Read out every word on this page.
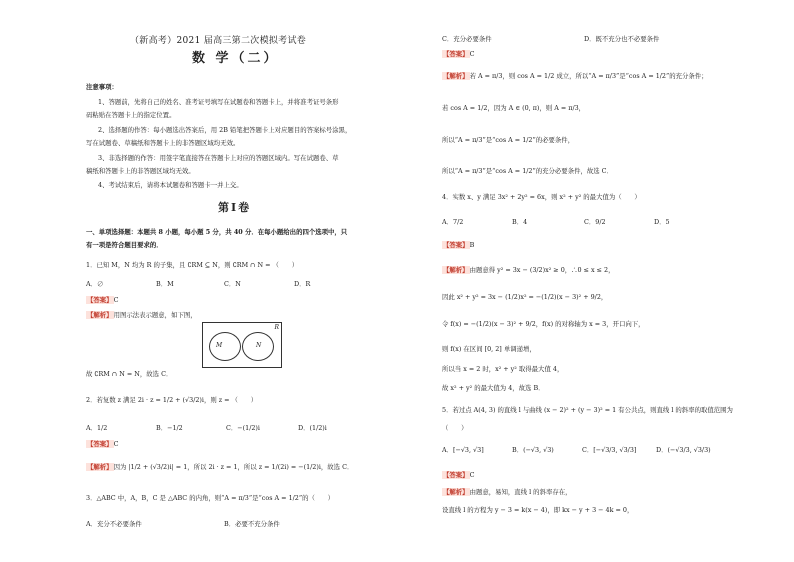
（新高考）2021 届高三第二次模拟考试卷
数 学（二）
注意事项：
1、答题前，先将自己的姓名、准考证号填写在试题卷和答题卡上，并将准考证号条形
码粘贴在答题卡上的指定位置。
2、选择题的作答：每小题选出答案后，用 2B 铅笔把答题卡上对应题目的答案标号涂黑，
写在试题卷、草稿纸和答题卡上的非答题区域均无效。
3、非选择题的作答：用签字笔直接答在答题卡上对应的答题区域内。写在试题卷、草
稿纸和答题卡上的非答题区域均无效。
4、考试结束后，请将本试题卷和答题卡一并上交。
第Ⅰ卷
一、单项选择题：本题共 8 小题，每小题 5 分，共 40 分．在每小题给出的四个选项中，只
有一项是符合题目要求的．
1．已知 M，N 均为 R 的子集，且 ∁RM ⊆ N，则 ∁RM ∩ N = （　　）
A．∅	B．M	C．N	D．R
【答案】C
【解析】用图示法表示题意，如下图，
R
M	N
故 ∁RM ∩ N = N，故选 C．
2．若复数 z 满足 2i · z = 1/2 + (√3/2)i，则 z = （　　）
A．1/2	B．−1/2	C．−(1/2)i	D．(1/2)i
【答案】C
【解析】因为 |1/2 + (√3/2)i| = 1，所以 2i · z = 1，所以 z = 1/(2i) = −(1/2)i，故选 C．
3．△ABC 中，A，B，C 是 △ABC 的内角，则“A = π/3”是“cos A = 1/2”的（　　）
A．充分不必要条件	B．必要不充分条件
C．充分必要条件	D．既不充分也不必要条件
【答案】C
【解析】若 A = π/3，则 cos A = 1/2 成立，所以“A = π/3”是“cos A = 1/2”的充分条件；
若 cos A = 1/2，因为 A ∈ (0, π)，则 A = π/3，
所以“A = π/3”是“cos A = 1/2”的必要条件，
所以“A = π/3”是“cos A = 1/2”的充分必要条件，故选 C．
4．实数 x、y 满足 3x² + 2y² = 6x，则 x² + y² 的最大值为（　　）
A．7/2	B．4	C．9/2	D．5
【答案】B
【解析】由题意得 y² = 3x − (3/2)x² ≥ 0，∴0 ≤ x ≤ 2，
因此 x² + y² = 3x − (1/2)x² = −(1/2)(x − 3)² + 9/2，
令 f(x) = −(1/2)(x − 3)² + 9/2，f(x) 的对称轴为 x = 3，开口向下，
则 f(x) 在区间 [0, 2] 单调递增，
所以当 x = 2 时，x² + y² 取得最大值 4，
故 x² + y² 的最大值为 4，故选 B．
5．若过点 A(4, 3) 的直线 l 与曲线 (x − 2)² + (y − 3)² = 1 有公共点，则直线 l 的斜率的取值范围为
（　　）
A．[−√3, √3]	B．(−√3, √3)	C．[−√3/3, √3/3]	D．(−√3/3, √3/3)
【答案】C
【解析】由题意，易知，直线 l 的斜率存在，
设直线 l 的方程为 y − 3 = k(x − 4)，即 kx − y + 3 − 4k = 0，
